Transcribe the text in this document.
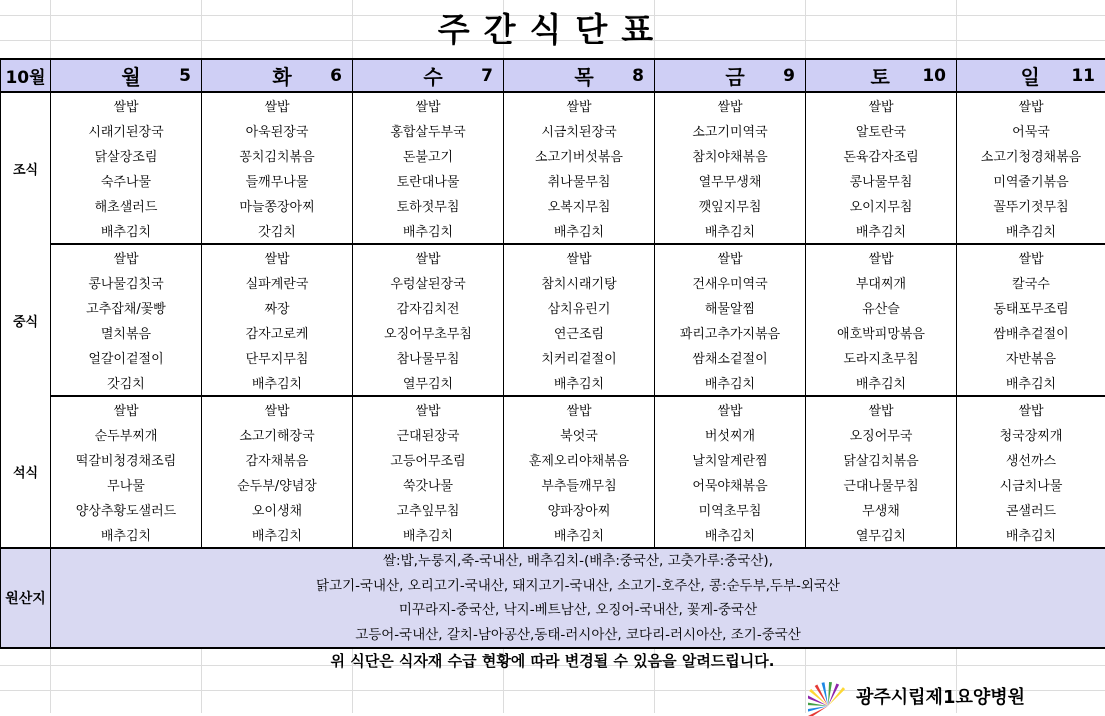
주간식단표
10월	월 5	화 6	수 7	목 8	금 9	토 10	일 11

조식	쌀밥	쌀밥	쌀밥	쌀밥	쌀밥	쌀밥	쌀밥
	시래기된장국	아욱된장국	홍합살두부국	시금치된장국	소고기미역국	알토란국	어묵국
	닭살장조림	꽁치김치볶음	돈불고기	소고기버섯볶음	참치야채볶음	돈육감자조림	소고기청경채볶음
	숙주나물	들깨무나물	토란대나물	취나물무침	열무무생채	콩나물무침	미역줄기볶음
	해초샐러드	마늘쫑장아찌	토하젓무침	오복지무침	깻잎지무침	오이지무침	꼴뚜기젓무침
	배추김치	갓김치	배추김치	배추김치	배추김치	배추김치	배추김치
중식	쌀밥	쌀밥	쌀밥	쌀밥	쌀밥	쌀밥	쌀밥
	콩나물김칫국	실파계란국	우렁살된장국	참치시래기탕	건새우미역국	부대찌개	칼국수
	고추잡채/꽃빵	짜장	감자김치전	삼치유린기	해물알찜	유산슬	동태포무조림
	멸치볶음	감자고로케	오징어무초무침	연근조림	꽈리고추가지볶음	애호박피망볶음	쌈배추겉절이
	얼갈이겉절이	단무지무침	참나물무침	치커리겉절이	쌈채소겉절이	도라지초무침	자반볶음
	갓김치	배추김치	열무김치	배추김치	배추김치	배추김치	배추김치
석식	쌀밥	쌀밥	쌀밥	쌀밥	쌀밥	쌀밥	쌀밥
	순두부찌개	소고기해장국	근대된장국	북엇국	버섯찌개	오징어무국	청국장찌개
	떡갈비청경채조림	감자채볶음	고등어무조림	훈제오리야채볶음	날치알계란찜	닭살김치볶음	생선까스
	무나물	순두부/양념장	쑥갓나물	부추들깨무침	어묵야채볶음	근대나물무침	시금치나물
	양상추황도샐러드	오이생채	고추잎무침	양파장아찌	미역초무침	무생채	콘샐러드
	배추김치	배추김치	배추김치	배추김치	배추김치	열무김치	배추김치
원산지	쌀:밥,누룽지,죽-국내산, 배추김치-(배추:중국산, 고춧가루:중국산),
닭고기-국내산, 오리고기-국내산, 돼지고기-국내산, 소고기-호주산, 콩:순두부,두부-외국산
미꾸라지-중국산, 낙지-베트남산, 오징어-국내산, 꽃게-중국산
고등어-국내산, 갈치-남아공산,동태-러시아산, 코다리-러시아산, 조기-중국산						
위 식단은 식자재 수급 현황에 따라 변경될 수 있음을 알려드립니다.
광주시립제1요양병원
